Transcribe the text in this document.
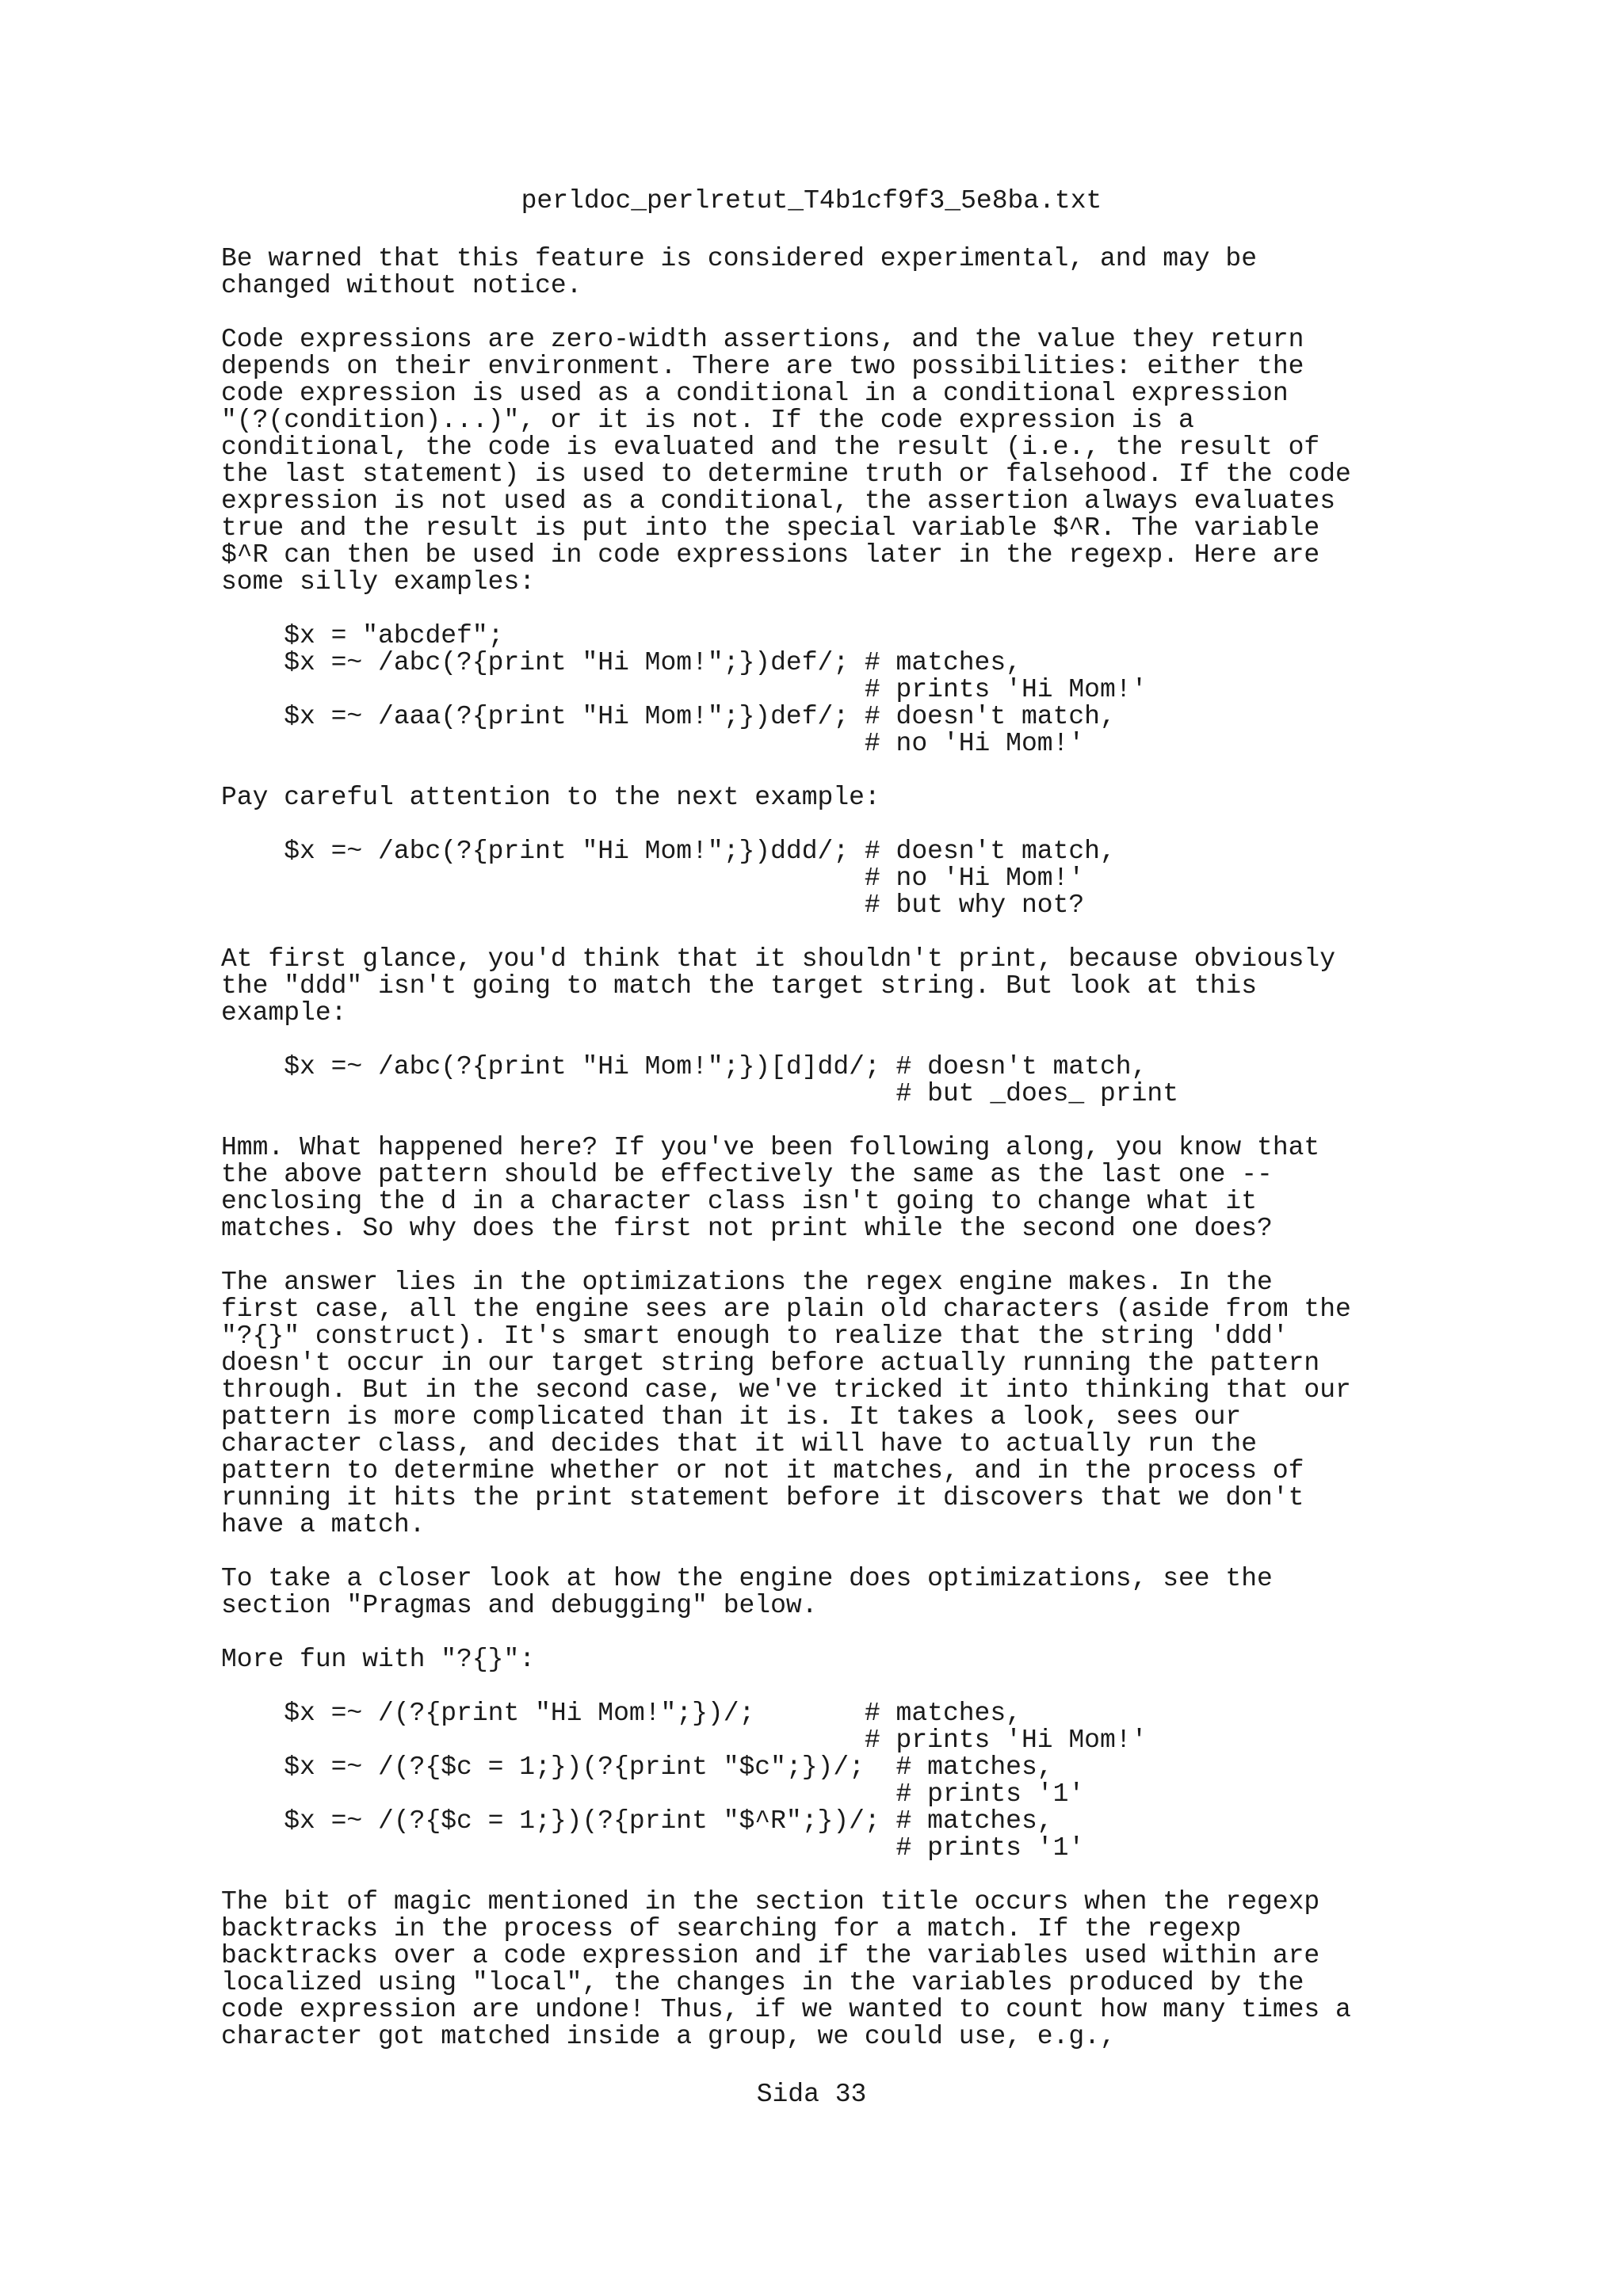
perldoc_perlretut_T4b1cf9f3_5e8ba.txt
Be warned that this feature is considered experimental, and may be
changed without notice.
Code expressions are zero-width assertions, and the value they return
depends on their environment. There are two possibilities: either the
code expression is used as a conditional in a conditional expression
"(?(condition)...)", or it is not. If the code expression is a
conditional, the code is evaluated and the result (i.e., the result of
the last statement) is used to determine truth or falsehood. If the code
expression is not used as a conditional, the assertion always evaluates
true and the result is put into the special variable $^R. The variable
$^R can then be used in code expressions later in the regexp. Here are
some silly examples:
$x = "abcdef";
$x =~ /abc(?{print "Hi Mom!";})def/; # matches,
# prints 'Hi Mom!'
$x =~ /aaa(?{print "Hi Mom!";})def/; # doesn't match,
# no 'Hi Mom!'
Pay careful attention to the next example:
$x =~ /abc(?{print "Hi Mom!";})ddd/; # doesn't match,
# no 'Hi Mom!'
# but why not?
At first glance, you'd think that it shouldn't print, because obviously
the "ddd" isn't going to match the target string. But look at this
example:
$x =~ /abc(?{print "Hi Mom!";})[d]dd/; # doesn't match,
# but _does_ print
Hmm. What happened here? If you've been following along, you know that
the above pattern should be effectively the same as the last one --
enclosing the d in a character class isn't going to change what it
matches. So why does the first not print while the second one does?
The answer lies in the optimizations the regex engine makes. In the
first case, all the engine sees are plain old characters (aside from the
"?{}" construct). It's smart enough to realize that the string 'ddd'
doesn't occur in our target string before actually running the pattern
through. But in the second case, we've tricked it into thinking that our
pattern is more complicated than it is. It takes a look, sees our
character class, and decides that it will have to actually run the
pattern to determine whether or not it matches, and in the process of
running it hits the print statement before it discovers that we don't
have a match.
To take a closer look at how the engine does optimizations, see the
section "Pragmas and debugging" below.
More fun with "?{}":
$x =~ /(?{print "Hi Mom!";})/;       # matches,
# prints 'Hi Mom!'
$x =~ /(?{$c = 1;})(?{print "$c";})/;  # matches,
# prints '1'
$x =~ /(?{$c = 1;})(?{print "$^R";})/; # matches,
# prints '1'
The bit of magic mentioned in the section title occurs when the regexp
backtracks in the process of searching for a match. If the regexp
backtracks over a code expression and if the variables used within are
localized using "local", the changes in the variables produced by the
code expression are undone! Thus, if we wanted to count how many times a
character got matched inside a group, we could use, e.g.,
Sida 33
